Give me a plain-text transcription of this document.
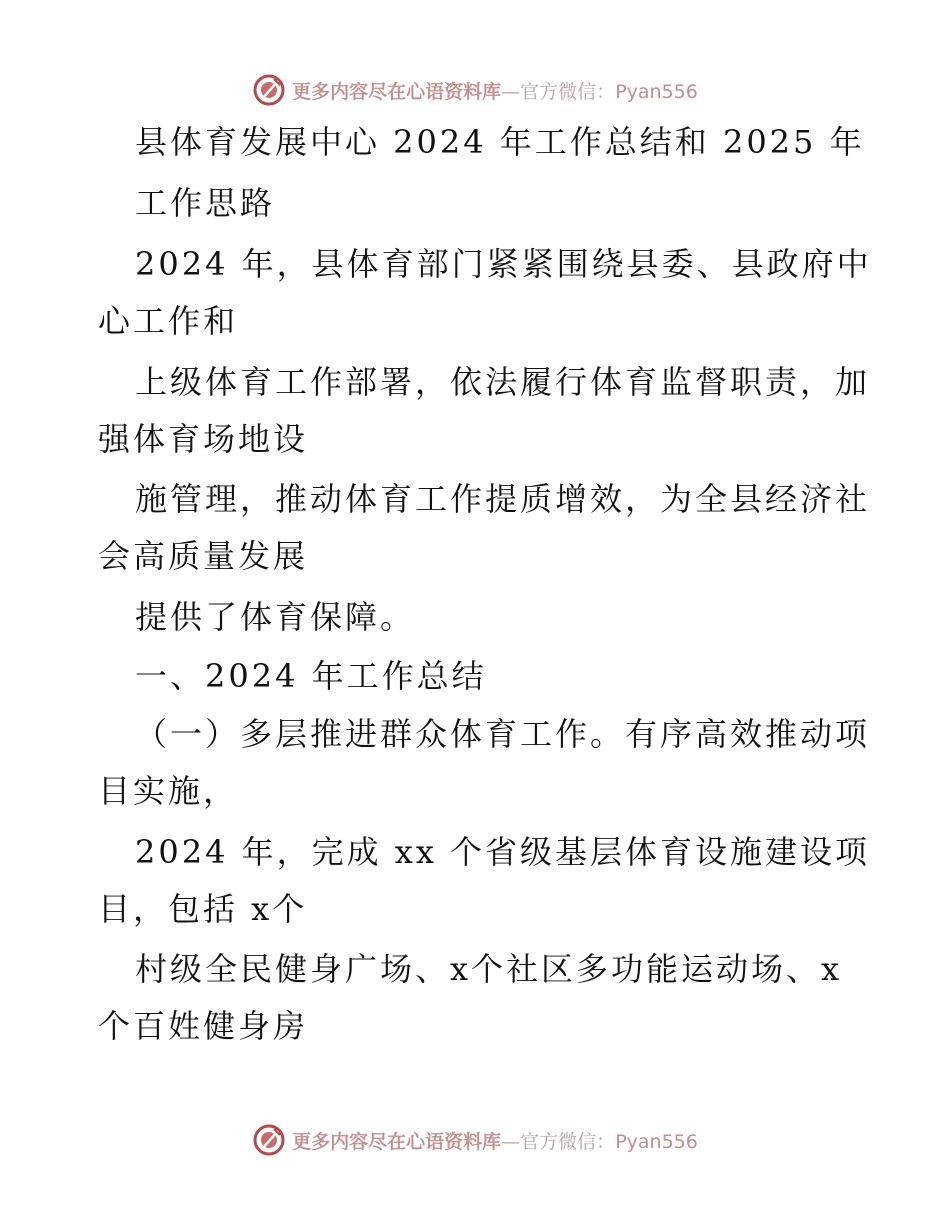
更多内容尽在心语资料库—官方微信：Pyan556
县体育发展中心 2024 年工作总结和 2025 年
工作思路
2024 年，县体育部门紧紧围绕县委、县政府中
心工作和
上级体育工作部署，依法履行体育监督职责，加
强体育场地设
施管理，推动体育工作提质增效，为全县经济社
会高质量发展
提供了体育保障。
一、2024 年工作总结
（一）多层推进群众体育工作。有序高效推动项
目实施，
2024 年，完成 xx 个省级基层体育设施建设项
目，包括 x个
村级全民健身广场、x个社区多功能运动场、x
个百姓健身房
更多内容尽在心语资料库—官方微信：Pyan556
